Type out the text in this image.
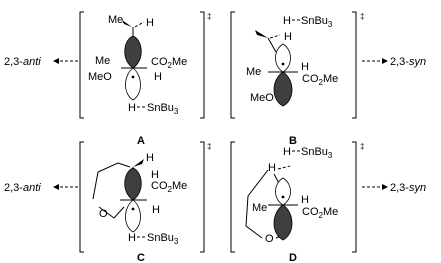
‡
Me H
Me	$CO_2Me$
MeO	H
H SnBu$_3$
A
2,3-anti
‡
H SnBu$_3$
H
Me	H
$CO_2Me$
MeO
B
2,3-syn
‡
O
H
H
$CO_2Me$
H
H SnBu$_3$
C
2,3-anti
‡
H SnBu$_3$
O
H
Me
H
$CO_2Me$
D
2,3-syn
